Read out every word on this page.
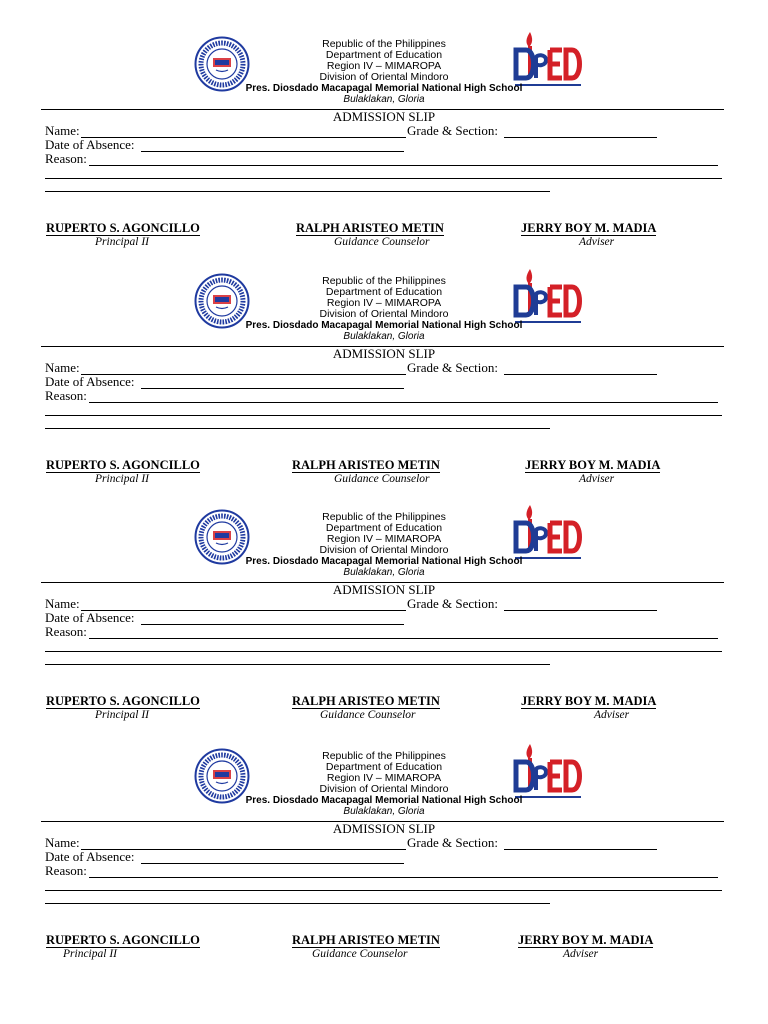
Republic of the Philippines
Department of Education
Region IV – MIMAROPA
Division of Oriental Mindoro
Pres. Diosdado Macapagal Memorial National High School
Bulaklakan, Gloria
ADMISSION SLIP
Name:	Grade & Section:
Date of Absence:
Reason:
RUPERTO S. AGONCILLO
Principal II
RALPH ARISTEO METIN
Guidance Counselor
JERRY BOY M. MADIA
Adviser
Republic of the Philippines
Department of Education
Region IV – MIMAROPA
Division of Oriental Mindoro
Pres. Diosdado Macapagal Memorial National High School
Bulaklakan, Gloria
ADMISSION SLIP
Name:	Grade & Section:
Date of Absence:
Reason:
RUPERTO S. AGONCILLO
Principal II
RALPH ARISTEO METIN
Guidance Counselor
JERRY BOY M. MADIA
Adviser
Republic of the Philippines
Department of Education
Region IV – MIMAROPA
Division of Oriental Mindoro
Pres. Diosdado Macapagal Memorial National High School
Bulaklakan, Gloria
ADMISSION SLIP
Name:	Grade & Section:
Date of Absence:
Reason:
RUPERTO S. AGONCILLO
Principal II
RALPH ARISTEO METIN
Guidance Counselor
JERRY BOY M. MADIA
Adviser
Republic of the Philippines
Department of Education
Region IV – MIMAROPA
Division of Oriental Mindoro
Pres. Diosdado Macapagal Memorial National High School
Bulaklakan, Gloria
ADMISSION SLIP
Name:	Grade & Section:
Date of Absence:
Reason:
RUPERTO S. AGONCILLO
Principal II
RALPH ARISTEO METIN
Guidance Counselor
JERRY BOY M. MADIA
Adviser
